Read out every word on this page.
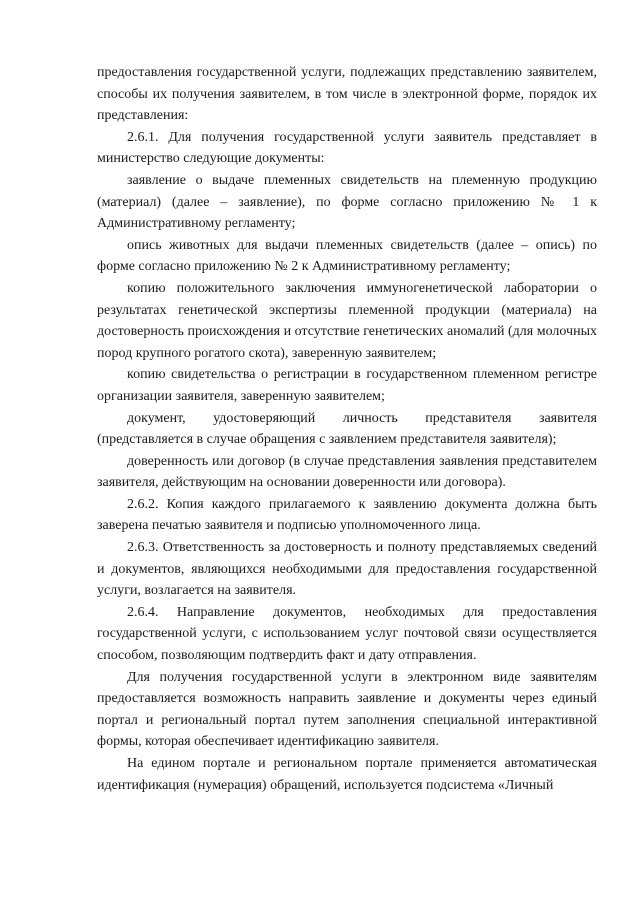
предоставления государственной услуги, подлежащих представлению заявителем, способы их получения заявителем, в том числе в электронной форме, порядок их представления:

2.6.1. Для получения государственной услуги заявитель представляет в министерство следующие документы:

заявление о выдаче племенных свидетельств на племенную продукцию (материал) (далее – заявление), по форме согласно приложению № 1 к Административному регламенту;

опись животных для выдачи племенных свидетельств (далее – опись) по форме согласно приложению № 2 к Административному регламенту;

копию положительного заключения иммуногенетической лаборатории о результатах генетической экспертизы племенной продукции (материала) на достоверность происхождения и отсутствие генетических аномалий (для молочных пород крупного рогатого скота), заверенную заявителем;

копию свидетельства о регистрации в государственном племенном регистре организации заявителя, заверенную заявителем;

документ, удостоверяющий личность представителя заявителя (представляется в случае обращения с заявлением представителя заявителя);

доверенность или договор (в случае представления заявления представителем заявителя, действующим на основании доверенности или договора).

2.6.2. Копия каждого прилагаемого к заявлению документа должна быть заверена печатью заявителя и подписью уполномоченного лица.

2.6.3. Ответственность за достоверность и полноту представляемых сведений и документов, являющихся необходимыми для предоставления государственной услуги, возлагается на заявителя.

2.6.4. Направление документов, необходимых для предоставления государственной услуги, с использованием услуг почтовой связи осуществляется способом, позволяющим подтвердить факт и дату отправления.

Для получения государственной услуги в электронном виде заявителям предоставляется возможность направить заявление и документы через единый портал и региональный портал путем заполнения специальной интерактивной формы, которая обеспечивает идентификацию заявителя.

На едином портале и региональном портале применяется автоматическая идентификация (нумерация) обращений, используется подсистема «Личный
